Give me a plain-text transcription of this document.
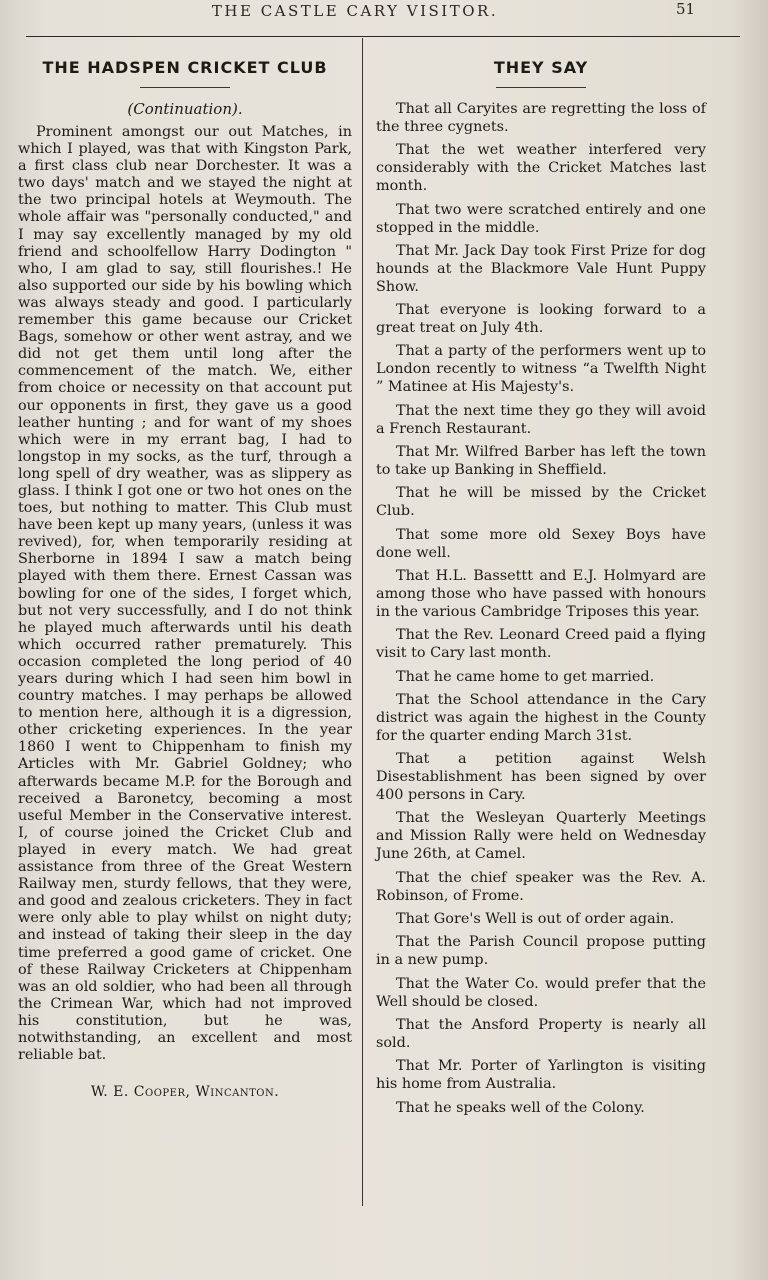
THE CASTLE CARY VISITOR.	51
THE HADSPEN CRICKET CLUB
(Continuation).

Prominent amongst our out Matches, in which I played, was that with Kingston Park, a first class club near Dorchester. It was a two days' match and we stayed the night at the two principal hotels at Weymouth. The whole affair was "personally conducted," and I may say excellently managed by my old friend and schoolfellow Harry Dodington " who, I am glad to say, still flourishes.! He also supported our side by his bowling which was always steady and good. I particularly remember this game because our Cricket Bags, somehow or other went astray, and we did not get them until long after the commencement of the match. We, either from choice or necessity on that account put our opponents in first, they gave us a good leather hunting ; and for want of my shoes which were in my errant bag, I had to longstop in my socks, as the turf, through a long spell of dry weather, was as slippery as glass. I think I got one or two hot ones on the toes, but nothing to matter. This Club must have been kept up many years, (unless it was revived), for, when temporarily residing at Sherborne in 1894 I saw a match being played with them there. Ernest Cassan was bowling for one of the sides, I forget which, but not very successfully, and I do not think he played much afterwards until his death which occurred rather prematurely. This occasion completed the long period of 40 years during which I had seen him bowl in country matches. I may perhaps be allowed to mention here, although it is a digression, other cricketing experiences. In the year 1860 I went to Chippenham to finish my Articles with Mr. Gabriel Goldney; who afterwards became M.P. for the Borough and received a Baronetcy, becoming a most useful Member in the Conservative interest. I, of course joined the Cricket Club and played in every match. We had great assistance from three of the Great Western Railway men, sturdy fellows, that they were, and good and zealous cricketers. They in fact were only able to play whilst on night duty; and instead of taking their sleep in the day time preferred a good game of cricket. One of these Railway Cricketers at Chippenham was an old soldier, who had been all through the Crimean War, which had not improved his constitution, but he was, notwithstanding, an excellent and most reliable bat.

W. E. Cooper, Wincanton.
THEY SAY
That all Caryites are regretting the loss of the three cygnets.
That the wet weather interfered very considerably with the Cricket Matches last month.
That two were scratched entirely and one stopped in the middle.
That Mr. Jack Day took First Prize for dog hounds at the Blackmore Vale Hunt Puppy Show.
That everyone is looking forward to a great treat on July 4th.
That a party of the performers went up to London recently to witness “a Twelfth Night ” Matinee at His Majesty's.
That the next time they go they will avoid a French Restaurant.
That Mr. Wilfred Barber has left the town to take up Banking in Sheffield.
That he will be missed by the Cricket Club.
That some more old Sexey Boys have done well.
That H.L. Bassettt and E.J. Holmyard are among those who have passed with honours in the various Cambridge Triposes this year.
That the Rev. Leonard Creed paid a flying visit to Cary last month.
That he came home to get married.
That the School attendance in the Cary district was again the highest in the County for the quarter ending March 31st.
That a petition against Welsh Disestablishment has been signed by over 400 persons in Cary.
That the Wesleyan Quarterly Meetings and Mission Rally were held on Wednesday June 26th, at Camel.
That the chief speaker was the Rev. A. Robinson, of Frome.
That Gore's Well is out of order again.
That the Parish Council propose putting in a new pump.
That the Water Co. would prefer that the Well should be closed.
That the Ansford Property is nearly all sold.
That Mr. Porter of Yarlington is visiting his home from Australia.
That he speaks well of the Colony.
